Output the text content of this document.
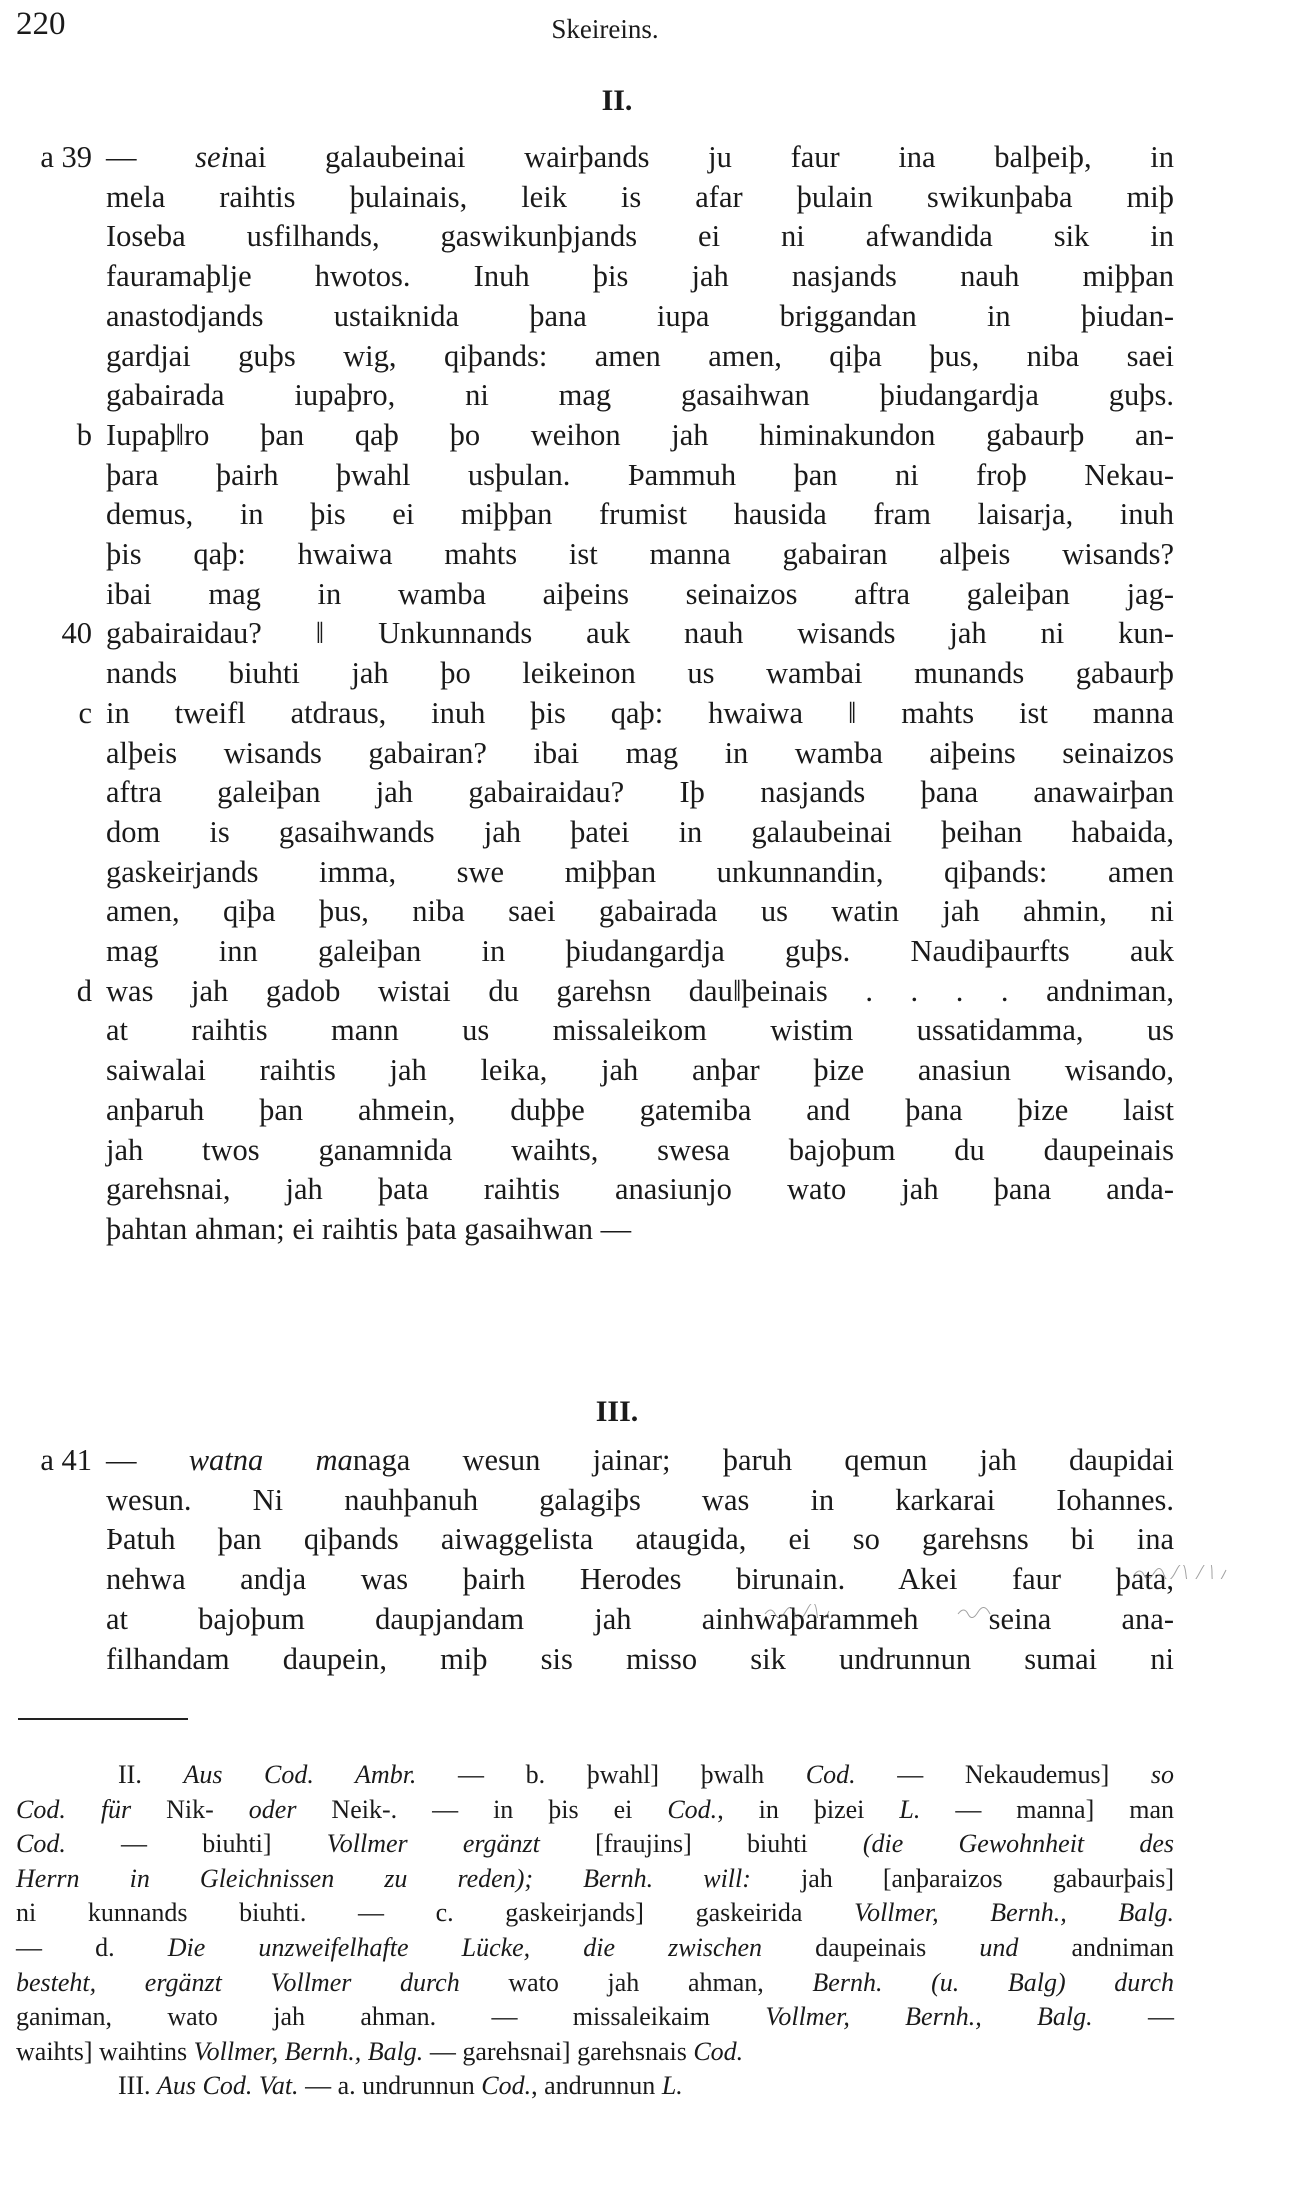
220	Skeireins.
II.
a 39 — seinai galaubeinai wairþands ju faur ina balþeiþ, in
mela raihtis þulainais, leik is afar þulain swikunþaba miþ
Ioseba usfilhands, gaswikunþjands ei ni afwandida sik in
fauramaþlje hwotos. Inuh þis jah nasjands nauh miþþan
anastodjands ustaiknida þana iupa briggandan in þiudan-
gardjai guþs wig, qiþands: amen amen, qiþa þus, niba saei
gabairada iupaþro, ni mag gasaihwan þiudangardja guþs.
b Iupaþ‖ro þan qaþ þo weihon jah himinakundon gabaurþ an-
þara þairh þwahl usþulan. Þammuh þan ni froþ Nekau-
demus, in þis ei miþþan frumist hausida fram laisarja, inuh
þis qaþ: hwaiwa mahts ist manna gabairan alþeis wisands?
ibai mag in wamba aiþeins seinaizos aftra galeiþan jag-
40 gabairaidau? ‖ Unkunnands auk nauh wisands jah ni kun-
nands biuhti jah þo leikeinon us wambai munands gabaurþ
c in tweifl atdraus, inuh þis qaþ: hwaiwa ‖ mahts ist manna
alþeis wisands gabairan? ibai mag in wamba aiþeins seinaizos
aftra galeiþan jah gabairaidau? Iþ nasjands þana anawairþan
dom is gasaihwands jah þatei in galaubeinai þeihan habaida,
gaskeirjands imma, swe miþþan unkunnandin, qiþands: amen
amen, qiþa þus, niba saei gabairada us watin jah ahmin, ni
mag inn galeiþan in þiudangardja guþs. Naudiþaurfts auk
d was jah gadob wistai du garehsn dau‖þeinais . . . . andniman,
at raihtis mann us missaleikom wistim ussatidamma, us
saiwalai raihtis jah leika, jah anþar þize anasiun wisando,
anþaruh þan ahmein, duþþe gatemiba and þana þize laist
jah twos ganamnida waihts, swesa bajoþum du daupeinais
garehsnai, jah þata raihtis anasiunjo wato jah þana anda-
þahtan ahman; ei raihtis þata gasaihwan —
III.
a 41 — watna managa wesun jainar; þaruh qemun jah daupidai
wesun. Ni nauhþanuh galagiþs was in karkarai Iohannes.
Þatuh þan qiþands aiwaggelista ataugida, ei so garehsns bi ina
nehwa andja was þairh Herodes birunain. Akei faur þata,
at bajoþum daupjandam jah ainhwaþarammeh seina ana-
filhandam daupein, miþ sis misso sik undrunnun sumai ni
II. Aus Cod. Ambr. — b. þwahl] þwalh Cod. — Nekaudemus] so
Cod. für Nik- oder Neik-. — in þis ei Cod., in þizei L. — manna] man
Cod. — biuhti] Vollmer ergänzt [fraujins] biuhti (die Gewohnheit des
Herrn in Gleichnissen zu reden); Bernh. will: jah [anþaraizos gabaurþais]
ni kunnands biuhti. — c. gaskeirjands] gaskeirida Vollmer, Bernh., Balg.
— d. Die unzweifelhafte Lücke, die zwischen daupeinais und andniman
besteht, ergänzt Vollmer durch wato jah ahman, Bernh. (u. Balg) durch
ganiman, wato jah ahman. — missaleikaim Vollmer, Bernh., Balg. —
waihts] waihtins Vollmer, Bernh., Balg. — garehsnai] garehsnais Cod.
III. Aus Cod. Vat. — a. undrunnun Cod., andrunnun L.
